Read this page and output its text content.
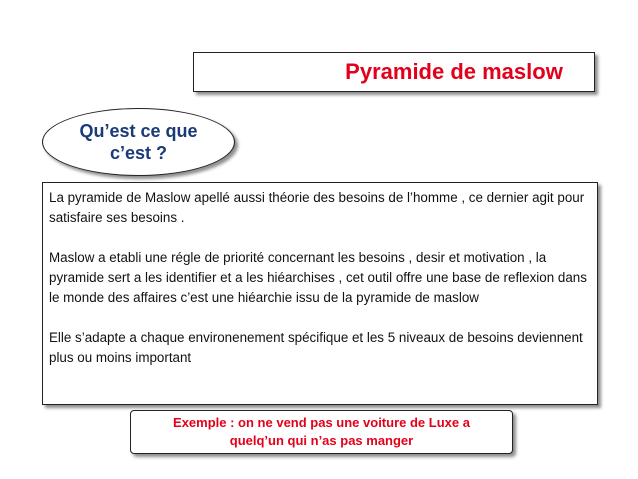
Pyramide de maslow
Qu’est ce que c’est ?

La pyramide de Maslow apellé aussi théorie des besoins de l’homme , ce dernier agit pour satisfaire ses besoins .

Maslow a etabli une régle de priorité concernant les besoins , desir et motivation , la pyramide sert a les identifier et a les hiéarchises , cet outil offre une base de reflexion dans le monde des affaires c’est une hiéarchie issu de la pyramide de maslow

Elle s’adapte a chaque environenement spécifique et les 5 niveaux de besoins deviennent plus ou moins important

Exemple : on ne vend pas une voiture de Luxe a quelq’un qui n’as pas manger
